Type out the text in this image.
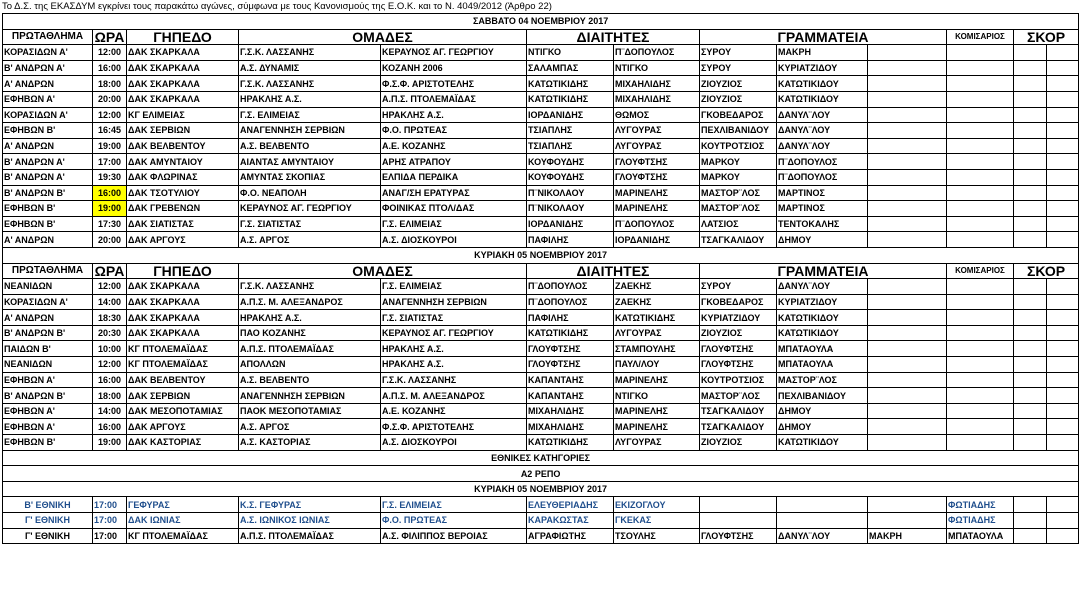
Το Δ.Σ. της ΕΚΑΣΔΥΜ εγκρίνει τους παρακάτω αγώνες, σύμφωνα με τους Κανονισμούς της Ε.Ο.Κ. και το Ν. 4049/2012 (Άρθρο 22)
ΣΑΒΒΑΤΟ 04 ΝΟΕΜΒΡΙΟΥ 2017												
ΠΡΩΤΑΘΛΗΜΑ	ΩΡΑ	ΓΗΠΕΔΟ	ΟΜΑΔΕΣ		ΔΙΑΙΤΗΤΕΣ		ΓΡΑΜΜΑΤΕΙΑ			ΚΟΜΙΣΑΡΙΟΣ	ΣΚΟΡ	
ΚΟΡΑΣΙΔΩΝ Α'	12:00	ΔΑΚ ΣΚΑΡΚΑΛΑ	Γ.Σ.Κ. ΛΑΣΣΑΝΗΣ	ΚΕΡΑΥΝΟΣ ΑΓ. ΓΕΩΡΓΙΟΥ	ΝΤΙΓΚΟ	Π¨ΔΟΠΟΥΛΟΣ	ΣΥΡΟΥ	ΜΑΚΡΗ				
Β' ΑΝΔΡΩΝ Α'	16:00	ΔΑΚ ΣΚΑΡΚΑΛΑ	Α.Σ. ΔΥΝΑΜΙΣ	ΚΟΖΑΝΗ 2006	ΣΑΛΑΜΠΑΣ	ΝΤΙΓΚΟ	ΣΥΡΟΥ	ΚΥΡΙΑΤΖΙΔΟΥ				
Α' ΑΝΔΡΩΝ	18:00	ΔΑΚ ΣΚΑΡΚΑΛΑ	Γ.Σ.Κ. ΛΑΣΣΑΝΗΣ	Φ.Σ.Φ. ΑΡΙΣΤΟΤΕΛΗΣ	ΚΑΤΩΤΙΚΙΔΗΣ	ΜΙΧΑΗΛΙΔΗΣ	ΖΙΟΥΖΙΟΣ	ΚΑΤΩΤΙΚΙΔΟΥ				
ΕΦΗΒΩΝ Α'	20:00	ΔΑΚ ΣΚΑΡΚΑΛΑ	ΗΡΑΚΛΗΣ Α.Σ.	Α.Π.Σ. ΠΤΟΛΕΜΑΪΔΑΣ	ΚΑΤΩΤΙΚΙΔΗΣ	ΜΙΧΑΗΛΙΔΗΣ	ΖΙΟΥΖΙΟΣ	ΚΑΤΩΤΙΚΙΔΟΥ				
ΚΟΡΑΣΙΔΩΝ Α'	12:00	ΚΓ ΕΛΙΜΕΙΑΣ	Γ.Σ. ΕΛΙΜΕΙΑΣ	ΗΡΑΚΛΗΣ Α.Σ.	ΙΟΡΔΑΝΙΔΗΣ	ΘΩΜΟΣ	ΓΚΟΒΕΔΑΡΟΣ	ΔΑΝΥΛ¨ΛΟΥ				
ΕΦΗΒΩΝ Β'	16:45	ΔΑΚ ΣΕΡΒΙΩΝ	ΑΝΑΓΕΝΝΗΣΗ ΣΕΡΒΙΩΝ	Φ.Ο. ΠΡΩΤΕΑΣ	ΤΣΙΑΠΛΗΣ	ΛΥΓΟΥΡΑΣ	ΠΕΧΛΙΒΑΝΙΔΟΥ	ΔΑΝΥΛ¨ΛΟΥ				
Α' ΑΝΔΡΩΝ	19:00	ΔΑΚ ΒΕΛΒΕΝΤΟΥ	Α.Σ. ΒΕΛΒΕΝΤΟ	Α.Ε. ΚΟΖΑΝΗΣ	ΤΣΙΑΠΛΗΣ	ΛΥΓΟΥΡΑΣ	ΚΟΥΤΡΟΤΣΙΟΣ	ΔΑΝΥΛ¨ΛΟΥ				
Β' ΑΝΔΡΩΝ Α'	17:00	ΔΑΚ ΑΜΥΝΤΑΙΟΥ	ΑΙΑΝΤΑΣ ΑΜΥΝΤΑΙΟΥ	ΑΡΗΣ ΑΤΡΑΠΟΥ	ΚΟΥΦΟΥΔΗΣ	ΓΛΟΥΦΤΣΗΣ	ΜΑΡΚΟΥ	Π¨ΔΟΠΟΥΛΟΣ				
Β' ΑΝΔΡΩΝ Α'	19:30	ΔΑΚ ΦΛΩΡΙΝΑΣ	ΑΜΥΝΤΑΣ ΣΚΟΠΙΑΣ	ΕΛΠΙΔΑ ΠΕΡΔΙΚΑ	ΚΟΥΦΟΥΔΗΣ	ΓΛΟΥΦΤΣΗΣ	ΜΑΡΚΟΥ	Π¨ΔΟΠΟΥΛΟΣ				
Β' ΑΝΔΡΩΝ Β'	16:00	ΔΑΚ ΤΣΟΤΥΛΙΟΥ	Φ.Ο. ΝΕΑΠΟΛΗ	ΑΝΑΓ/ΣΗ ΕΡΑΤΥΡΑΣ	Π¨ΝΙΚΟΛΑΟΥ	ΜΑΡΙΝΕΛΗΣ	ΜΑΣΤΟΡ¨ΛΟΣ	ΜΑΡΤΙΝΟΣ				
ΕΦΗΒΩΝ Β'	19:00	ΔΑΚ ΓΡΕΒΕΝΩΝ	ΚΕΡΑΥΝΟΣ ΑΓ. ΓΕΩΡΓΙΟΥ	ΦΟΙΝΙΚΑΣ ΠΤΟΛ/ΔΑΣ	Π¨ΝΙΚΟΛΑΟΥ	ΜΑΡΙΝΕΛΗΣ	ΜΑΣΤΟΡ¨ΛΟΣ	ΜΑΡΤΙΝΟΣ				
ΕΦΗΒΩΝ Β'	17:30	ΔΑΚ ΣΙΑΤΙΣΤΑΣ	Γ.Σ. ΣΙΑΤΙΣΤΑΣ	Γ.Σ. ΕΛΙΜΕΙΑΣ	ΙΟΡΔΑΝΙΔΗΣ	Π¨ΔΟΠΟΥΛΟΣ	ΛΑΤΣΙΟΣ	ΤΕΝΤΟΚΑΛΗΣ				
Α' ΑΝΔΡΩΝ	20:00	ΔΑΚ ΑΡΓΟΥΣ	Α.Σ. ΑΡΓΟΣ	Α.Σ. ΔΙΟΣΚΟΥΡΟΙ	ΠΑΦΙΛΗΣ	ΙΟΡΔΑΝΙΔΗΣ	ΤΣΑΓΚΑΛΙΔΟΥ	ΔΗΜΟΥ				
ΚΥΡΙΑΚΗ 05 ΝΟΕΜΒΡΙΟΥ 2017												
ΠΡΩΤΑΘΛΗΜΑ	ΩΡΑ	ΓΗΠΕΔΟ	ΟΜΑΔΕΣ		ΔΙΑΙΤΗΤΕΣ		ΓΡΑΜΜΑΤΕΙΑ			ΚΟΜΙΣΑΡΙΟΣ	ΣΚΟΡ	
ΝΕΑΝΙΔΩΝ	12:00	ΔΑΚ ΣΚΑΡΚΑΛΑ	Γ.Σ.Κ. ΛΑΣΣΑΝΗΣ	Γ.Σ. ΕΛΙΜΕΙΑΣ	Π¨ΔΟΠΟΥΛΟΣ	ΖΑΕΚΗΣ	ΣΥΡΟΥ	ΔΑΝΥΛ¨ΛΟΥ				
ΚΟΡΑΣΙΔΩΝ Α'	14:00	ΔΑΚ ΣΚΑΡΚΑΛΑ	Α.Π.Σ. Μ. ΑΛΕΞΑΝΔΡΟΣ	ΑΝΑΓΕΝΝΗΣΗ ΣΕΡΒΙΩΝ	Π¨ΔΟΠΟΥΛΟΣ	ΖΑΕΚΗΣ	ΓΚΟΒΕΔΑΡΟΣ	ΚΥΡΙΑΤΖΙΔΟΥ				
Α' ΑΝΔΡΩΝ	18:30	ΔΑΚ ΣΚΑΡΚΑΛΑ	ΗΡΑΚΛΗΣ Α.Σ.	Γ.Σ. ΣΙΑΤΙΣΤΑΣ	ΠΑΦΙΛΗΣ	ΚΑΤΩΤΙΚΙΔΗΣ	ΚΥΡΙΑΤΖΙΔΟΥ	ΚΑΤΩΤΙΚΙΔΟΥ				
Β' ΑΝΔΡΩΝ Β'	20:30	ΔΑΚ ΣΚΑΡΚΑΛΑ	ΠΑΟ ΚΟΖΑΝΗΣ	ΚΕΡΑΥΝΟΣ ΑΓ. ΓΕΩΡΓΙΟΥ	ΚΑΤΩΤΙΚΙΔΗΣ	ΛΥΓΟΥΡΑΣ	ΖΙΟΥΖΙΟΣ	ΚΑΤΩΤΙΚΙΔΟΥ				
ΠΑΙΔΩΝ Β'	10:00	ΚΓ ΠΤΟΛΕΜΑΪΔΑΣ	Α.Π.Σ. ΠΤΟΛΕΜΑΪΔΑΣ	ΗΡΑΚΛΗΣ Α.Σ.	ΓΛΟΥΦΤΣΗΣ	ΣΤΑΜΠΟΥΛΗΣ	ΓΛΟΥΦΤΣΗΣ	ΜΠΑΤΑΟΥΛΑ				
ΝΕΑΝΙΔΩΝ	12:00	ΚΓ ΠΤΟΛΕΜΑΪΔΑΣ	ΑΠΟΛΛΩΝ	ΗΡΑΚΛΗΣ Α.Σ.	ΓΛΟΥΦΤΣΗΣ	ΠΑΥΛ/ΛΟΥ	ΓΛΟΥΦΤΣΗΣ	ΜΠΑΤΑΟΥΛΑ				
ΕΦΗΒΩΝ Α'	16:00	ΔΑΚ ΒΕΛΒΕΝΤΟΥ	Α.Σ. ΒΕΛΒΕΝΤΟ	Γ.Σ.Κ. ΛΑΣΣΑΝΗΣ	ΚΑΠΑΝΤΑΗΣ	ΜΑΡΙΝΕΛΗΣ	ΚΟΥΤΡΟΤΣΙΟΣ	ΜΑΣΤΟΡ¨ΛΟΣ				
Β' ΑΝΔΡΩΝ Β'	18:00	ΔΑΚ ΣΕΡΒΙΩΝ	ΑΝΑΓΕΝΝΗΣΗ ΣΕΡΒΙΩΝ	Α.Π.Σ. Μ. ΑΛΕΞΑΝΔΡΟΣ	ΚΑΠΑΝΤΑΗΣ	ΝΤΙΓΚΟ	ΜΑΣΤΟΡ¨ΛΟΣ	ΠΕΧΛΙΒΑΝΙΔΟΥ				
ΕΦΗΒΩΝ Α'	14:00	ΔΑΚ ΜΕΣΟΠΟΤΑΜΙΑΣ	ΠΑΟΚ ΜΕΣΟΠΟΤΑΜΙΑΣ	Α.Ε. ΚΟΖΑΝΗΣ	ΜΙΧΑΗΛΙΔΗΣ	ΜΑΡΙΝΕΛΗΣ	ΤΣΑΓΚΑΛΙΔΟΥ	ΔΗΜΟΥ				
ΕΦΗΒΩΝ Α'	16:00	ΔΑΚ ΑΡΓΟΥΣ	Α.Σ. ΑΡΓΟΣ	Φ.Σ.Φ. ΑΡΙΣΤΟΤΕΛΗΣ	ΜΙΧΑΗΛΙΔΗΣ	ΜΑΡΙΝΕΛΗΣ	ΤΣΑΓΚΑΛΙΔΟΥ	ΔΗΜΟΥ				
ΕΦΗΒΩΝ Β'	19:00	ΔΑΚ ΚΑΣΤΟΡΙΑΣ	Α.Σ. ΚΑΣΤΟΡΙΑΣ	Α.Σ. ΔΙΟΣΚΟΥΡΟΙ	ΚΑΤΩΤΙΚΙΔΗΣ	ΛΥΓΟΥΡΑΣ	ΖΙΟΥΖΙΟΣ	ΚΑΤΩΤΙΚΙΔΟΥ				
ΕΘΝΙΚΕΣ ΚΑΤΗΓΟΡΙΕΣ												
Α2 ΡΕΠΟ												
ΚΥΡΙΑΚΗ 05 ΝΟΕΜΒΡΙΟΥ 2017												
Β' ΕΘΝΙΚΗ	17:00	ΓΕΦΥΡΑΣ	Κ.Σ. ΓΕΦΥΡΑΣ	Γ.Σ. ΕΛΙΜΕΙΑΣ	ΕΛΕΥΘΕΡΙΑΔΗΣ	ΕΚΙΖΟΓΛΟΥ				ΦΩΤΙΑΔΗΣ		
Γ' ΕΘΝΙΚΗ	17:00	ΔΑΚ ΙΩΝΙΑΣ	Α.Σ. ΙΩΝΙΚΟΣ ΙΩΝΙΑΣ	Φ.Ο. ΠΡΩΤΕΑΣ	ΚΑΡΑΚΩΣΤΑΣ	ΓΚΕΚΑΣ				ΦΩΤΙΑΔΗΣ		
Γ' ΕΘΝΙΚΗ	17:00	ΚΓ ΠΤΟΛΕΜΑΪΔΑΣ	Α.Π.Σ. ΠΤΟΛΕΜΑΪΔΑΣ	Α.Σ. ΦΙΛΙΠΠΟΣ ΒΕΡΟΙΑΣ	ΑΓΡΑΦΙΩΤΗΣ	ΤΣΟΥΛΗΣ	ΓΛΟΥΦΤΣΗΣ	ΔΑΝΥΛ¨ΛΟΥ	ΜΑΚΡΗ	ΜΠΑΤΑΟΥΛΑ		
